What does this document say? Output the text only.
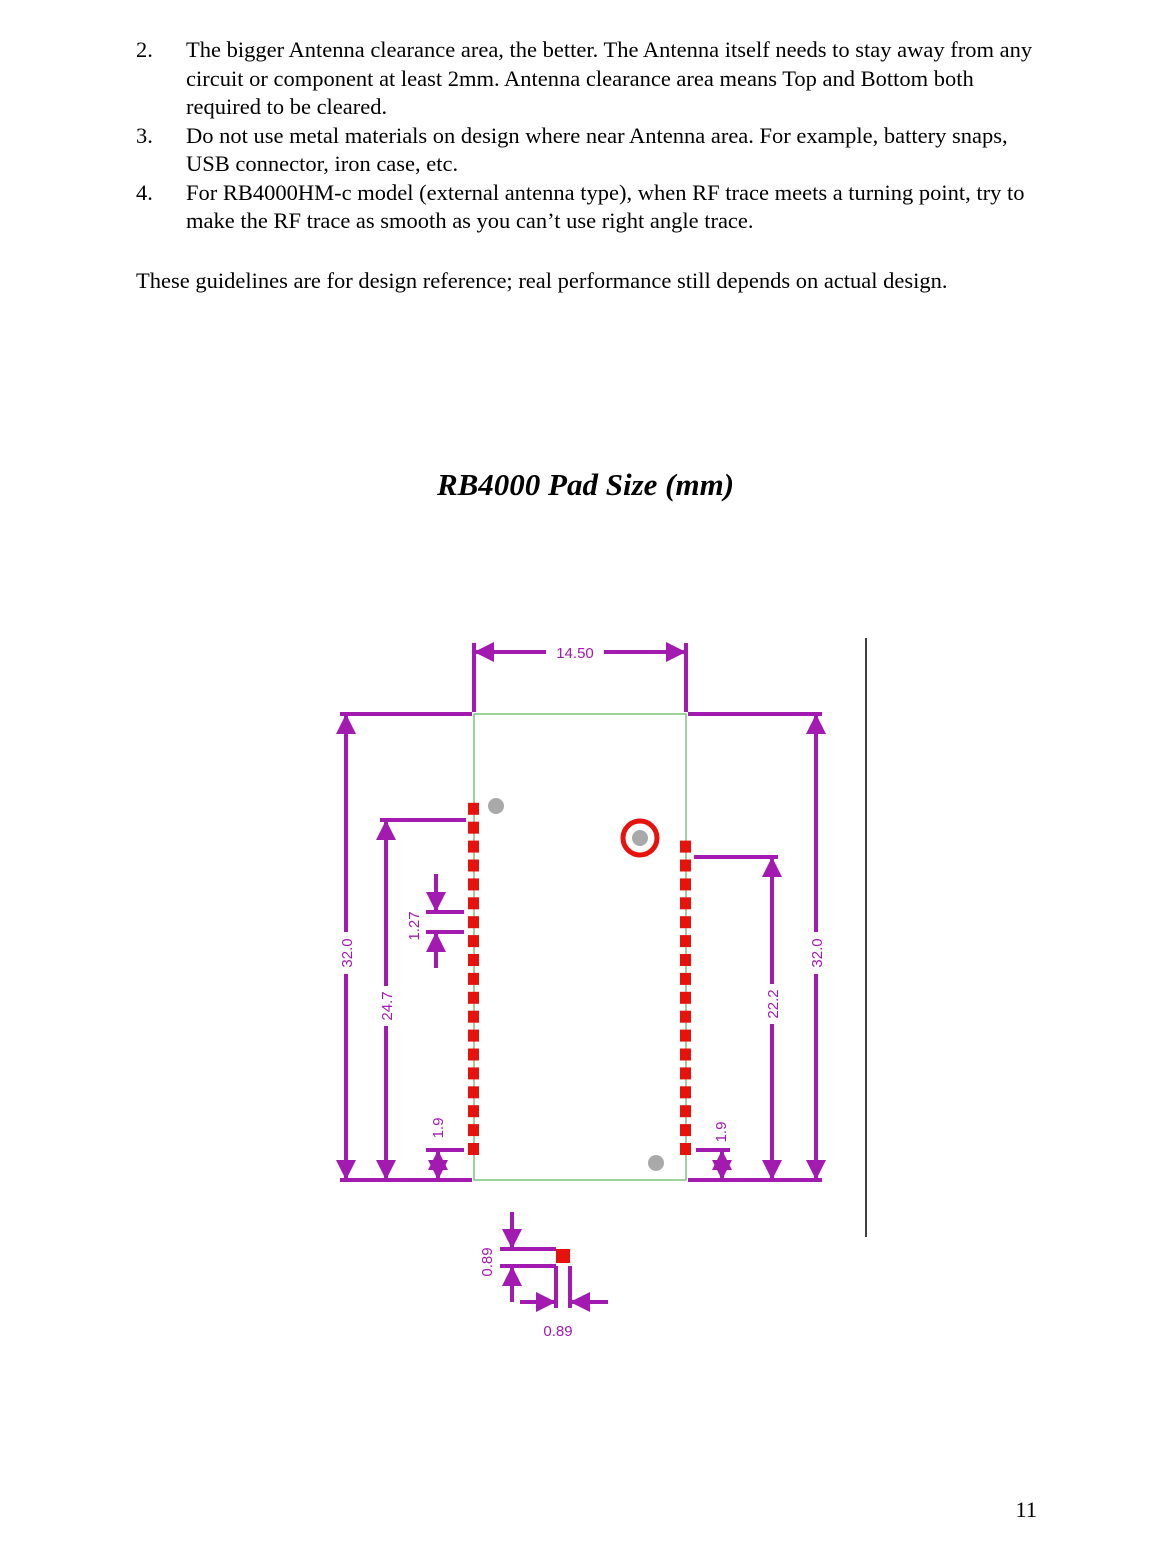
2. The bigger Antenna clearance area, the better. The Antenna itself needs to stay away from any circuit or component at least 2mm. Antenna clearance area means Top and Bottom both required to be cleared.
3. Do not use metal materials on design where near Antenna area. For example, battery snaps, USB connector, iron case, etc.
4. For RB4000HM-c model (external antenna type), when RF trace meets a turning point, try to make the RF trace as smooth as you can’t use right angle trace.
These guidelines are for design reference; real performance still depends on actual design.
RB4000 Pad Size (mm)
14.50
32.0
24.7
32.0
22.2
1.27
1.9	1.9
0.89
0.89
11
